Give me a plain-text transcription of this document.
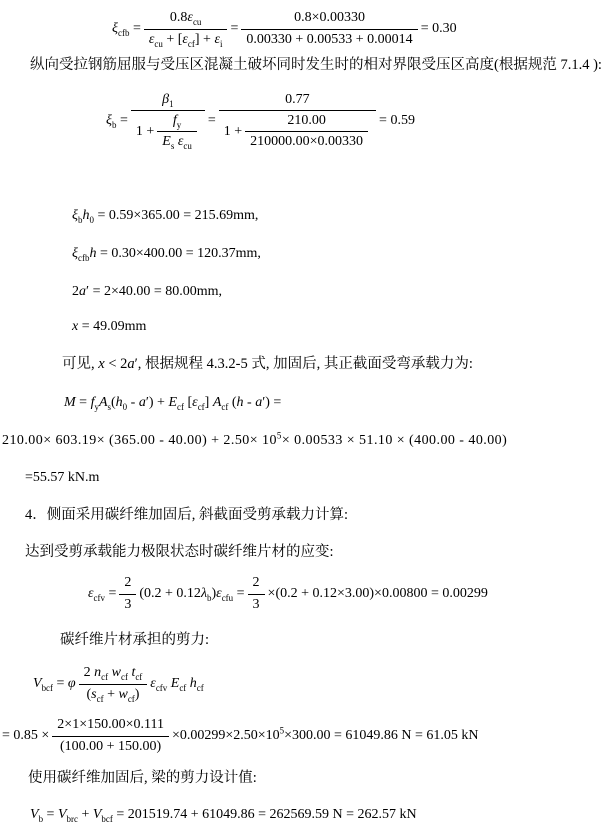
$\xi_{cfb} = \frac{0.8\varepsilon_{cu}}{\varepsilon_{cu} + [\varepsilon_{cf}] + \varepsilon_i} = \frac{0.8\times 0.00330}{0.00330 + 0.00533 + 0.00014} = 0.30$
纵向受拉钢筋屈服与受压区混凝土破坏同时发生时的相对界限受压区高度(根据规范 7.1.4 ):
$\xi_b = \frac{\beta_1}{1 + \frac{f_y}{E_s \varepsilon_{cu}}} = \frac{0.77}{1 + \frac{210.00}{210000.00\times 0.00330}} = 0.59$
$\xi_bh_0 = 0.59\times 365.00 = 215.69mm$,
$\xi_{cfb}h = 0.30\times 400.00 = 120.37mm$,
2a′ = 2×40.00 = 80.00mm,
x = 49.09mm
可见, x < 2a′, 根据规程 4.3.2-5 式, 加固后, 其正截面受弯承载力为:
$M = f_yA_s(h_0 - a') + E_{cf}$ $[\varepsilon_{cf}]$ $A_{cf}$ (h - a′) =
$210.00\times 603.19\times (365.00 - 40.00) + 2.50\times 10^5\times 0.00533 \times 51.10 \times (400.00 - 40.00)$
=55.57 kN.m
4．侧面采用碳纤维加固后, 斜截面受剪承载力计算:
达到受剪承载能力极限状态时碳纤维片材的应变:
$\varepsilon_{cfv} = \frac{2}{3} (0.2 + 0.12\lambda_b)\varepsilon_{cfu} = \frac{2}{3} \times(0.2 + 0.12\times 3.00)\times 0.00800 = 0.00299$
碳纤维片材承担的剪力:
$V_{bcf} = \varphi \frac{2 n_{cf} w_{cf} t_{cf}}{(s_{cf} + w_{cf})} \varepsilon_{cfv}$ $E_{cf}$ $h_{cf}$
= $0.85 \times \frac{2\times 1\times 150.00\times 0.111}{(100.00 + 150.00)} \times 0.00299\times 2.50\times 10^5\times 300.00 = 61049.86$ N = 61.05 kN
使用碳纤维加固后, 梁的剪力设计值:
$V_b = V_{brc} + V_{bcf} = 201519.74 + 61049.86 = 262569.59$ N = 262.57 kN
